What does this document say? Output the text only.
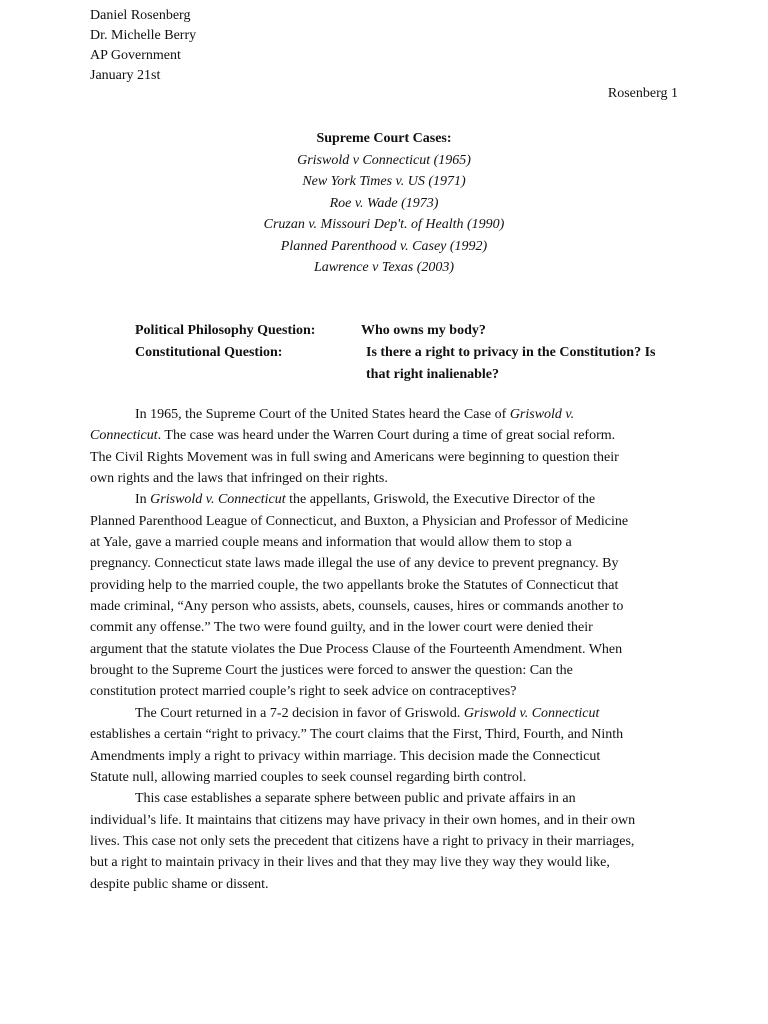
Daniel Rosenberg
Dr. Michelle Berry
AP Government
January 21st
Rosenberg 1
Supreme Court Cases:
Griswold v Connecticut (1965)
New York Times v. US (1971)
Roe v. Wade (1973)
Cruzan v. Missouri Dep't. of Health (1990)
Planned Parenthood v. Casey (1992)
Lawrence v Texas (2003)
Political Philosophy Question:	Who owns my body?
Constitutional Question:	Is there a right to privacy in the Constitution? Is
that right inalienable?
In 1965, the Supreme Court of the United States heard the Case of Griswold v.
Connecticut. The case was heard under the Warren Court during a time of great social reform.
The Civil Rights Movement was in full swing and Americans were beginning to question their
own rights and the laws that infringed on their rights.
In Griswold v. Connecticut the appellants, Griswold, the Executive Director of the
Planned Parenthood League of Connecticut, and Buxton, a Physician and Professor of Medicine
at Yale, gave a married couple means and information that would allow them to stop a
pregnancy. Connecticut state laws made illegal the use of any device to prevent pregnancy. By
providing help to the married couple, the two appellants broke the Statutes of Connecticut that
made criminal, “Any person who assists, abets, counsels, causes, hires or commands another to
commit any offense.” The two were found guilty, and in the lower court were denied their
argument that the statute violates the Due Process Clause of the Fourteenth Amendment. When
brought to the Supreme Court the justices were forced to answer the question: Can the
constitution protect married couple’s right to seek advice on contraceptives?
The Court returned in a 7-2 decision in favor of Griswold. Griswold v. Connecticut
establishes a certain “right to privacy.” The court claims that the First, Third, Fourth, and Ninth
Amendments imply a right to privacy within marriage. This decision made the Connecticut
Statute null, allowing married couples to seek counsel regarding birth control.
This case establishes a separate sphere between public and private affairs in an
individual’s life. It maintains that citizens may have privacy in their own homes, and in their own
lives. This case not only sets the precedent that citizens have a right to privacy in their marriages,
but a right to maintain privacy in their lives and that they may live they way they would like,
despite public shame or dissent.
